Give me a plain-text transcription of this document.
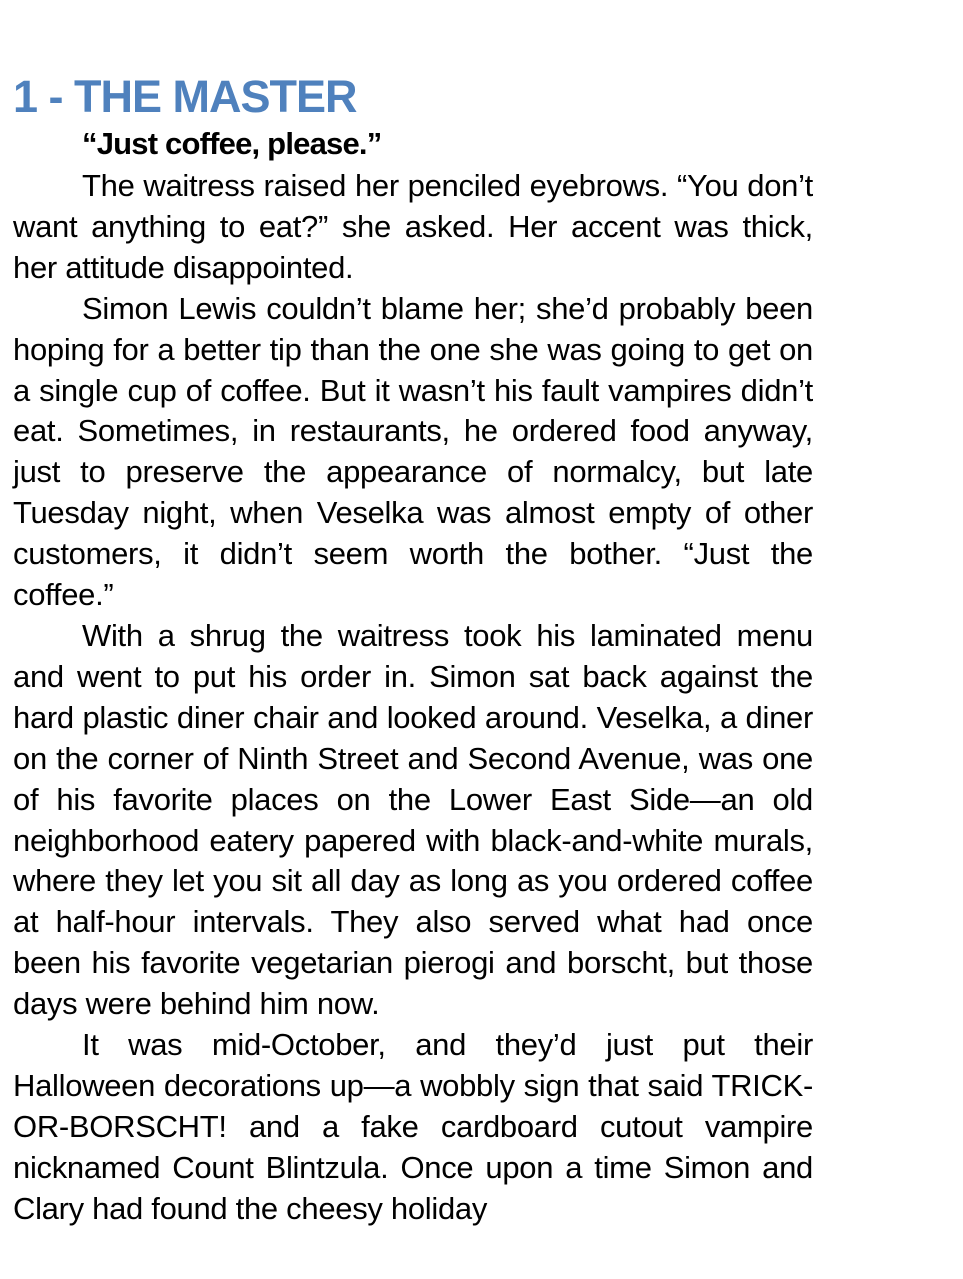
1 - THE MASTER

“Just coffee, please.”

The waitress raised her penciled eyebrows. “You don’t want anything to eat?” she asked. Her accent was thick, her attitude disappointed.

Simon Lewis couldn’t blame her; she’d probably been hoping for a better tip than the one she was going to get on a single cup of coffee. But it wasn’t his fault vampires didn’t eat. Sometimes, in restaurants, he ordered food anyway, just to preserve the appearance of normalcy, but late Tuesday night, when Veselka was almost empty of other customers, it didn’t seem worth the bother. “Just the coffee.”

With a shrug the waitress took his laminated menu and went to put his order in. Simon sat back against the hard plastic diner chair and looked around. Veselka, a diner on the corner of Ninth Street and Second Avenue, was one of his favorite places on the Lower East Side—an old neighborhood eatery papered with black-and-white murals, where they let you sit all day as long as you ordered coffee at half-hour intervals. They also served what had once been his favorite vegetarian pierogi and borscht, but those days were behind him now.

It was mid-October, and they’d just put their Halloween decorations up—a wobbly sign that said TRICK-OR-BORSCHT! and a fake cardboard cutout vampire nicknamed Count Blintzula. Once upon a time Simon and Clary had found the cheesy holiday
